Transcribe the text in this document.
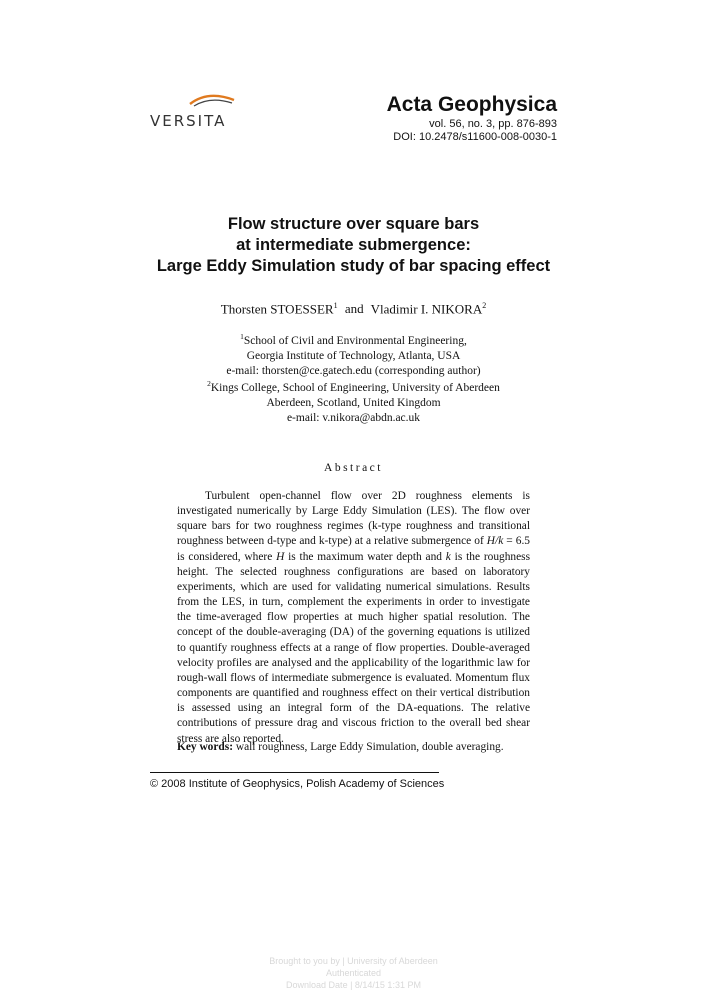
VERSITA
Acta Geophysica
vol. 56, no. 3, pp. 876-893
DOI: 10.2478/s11600-008-0030-1
Flow structure over square bars
at intermediate submergence:
Large Eddy Simulation study of bar spacing effect
Thorsten STOESSER$^1$ and Vladimir I. NIKORA$^2$
$^1$School of Civil and Environmental Engineering,
Georgia Institute of Technology, Atlanta, USA
e-mail: thorsten@ce.gatech.edu (corresponding author)
$^2$Kings College, School of Engineering, University of Aberdeen
Aberdeen, Scotland, United Kingdom
e-mail: v.nikora@abdn.ac.uk
Abstract
Turbulent open-channel flow over 2D roughness elements is investigated numerically by Large Eddy Simulation (LES). The flow over square bars for two roughness regimes (k-type roughness and transitional roughness between d-type and k-type) at a relative submergence of H/k = 6.5 is considered, where H is the maximum water depth and k is the roughness height. The selected roughness configurations are based on laboratory experiments, which are used for validating numerical simulations. Results from the LES, in turn, complement the experiments in order to investigate the time-averaged flow properties at much higher spatial resolution. The concept of the double-averaging (DA) of the governing equations is utilized to quantify roughness effects at a range of flow properties. Double-averaged velocity profiles are analysed and the applicability of the logarithmic law for rough-wall flows of intermediate submergence is evaluated. Momentum flux components are quantified and roughness effect on their vertical distribution is assessed using an integral form of the DA-equations. The relative contributions of pressure drag and viscous friction to the overall bed shear stress are also reported.
Key words: wall roughness, Large Eddy Simulation, double averaging.
© 2008 Institute of Geophysics, Polish Academy of Sciences
Brought to you by | University of Aberdeen
Authenticated
Download Date | 8/14/15 1:31 PM
